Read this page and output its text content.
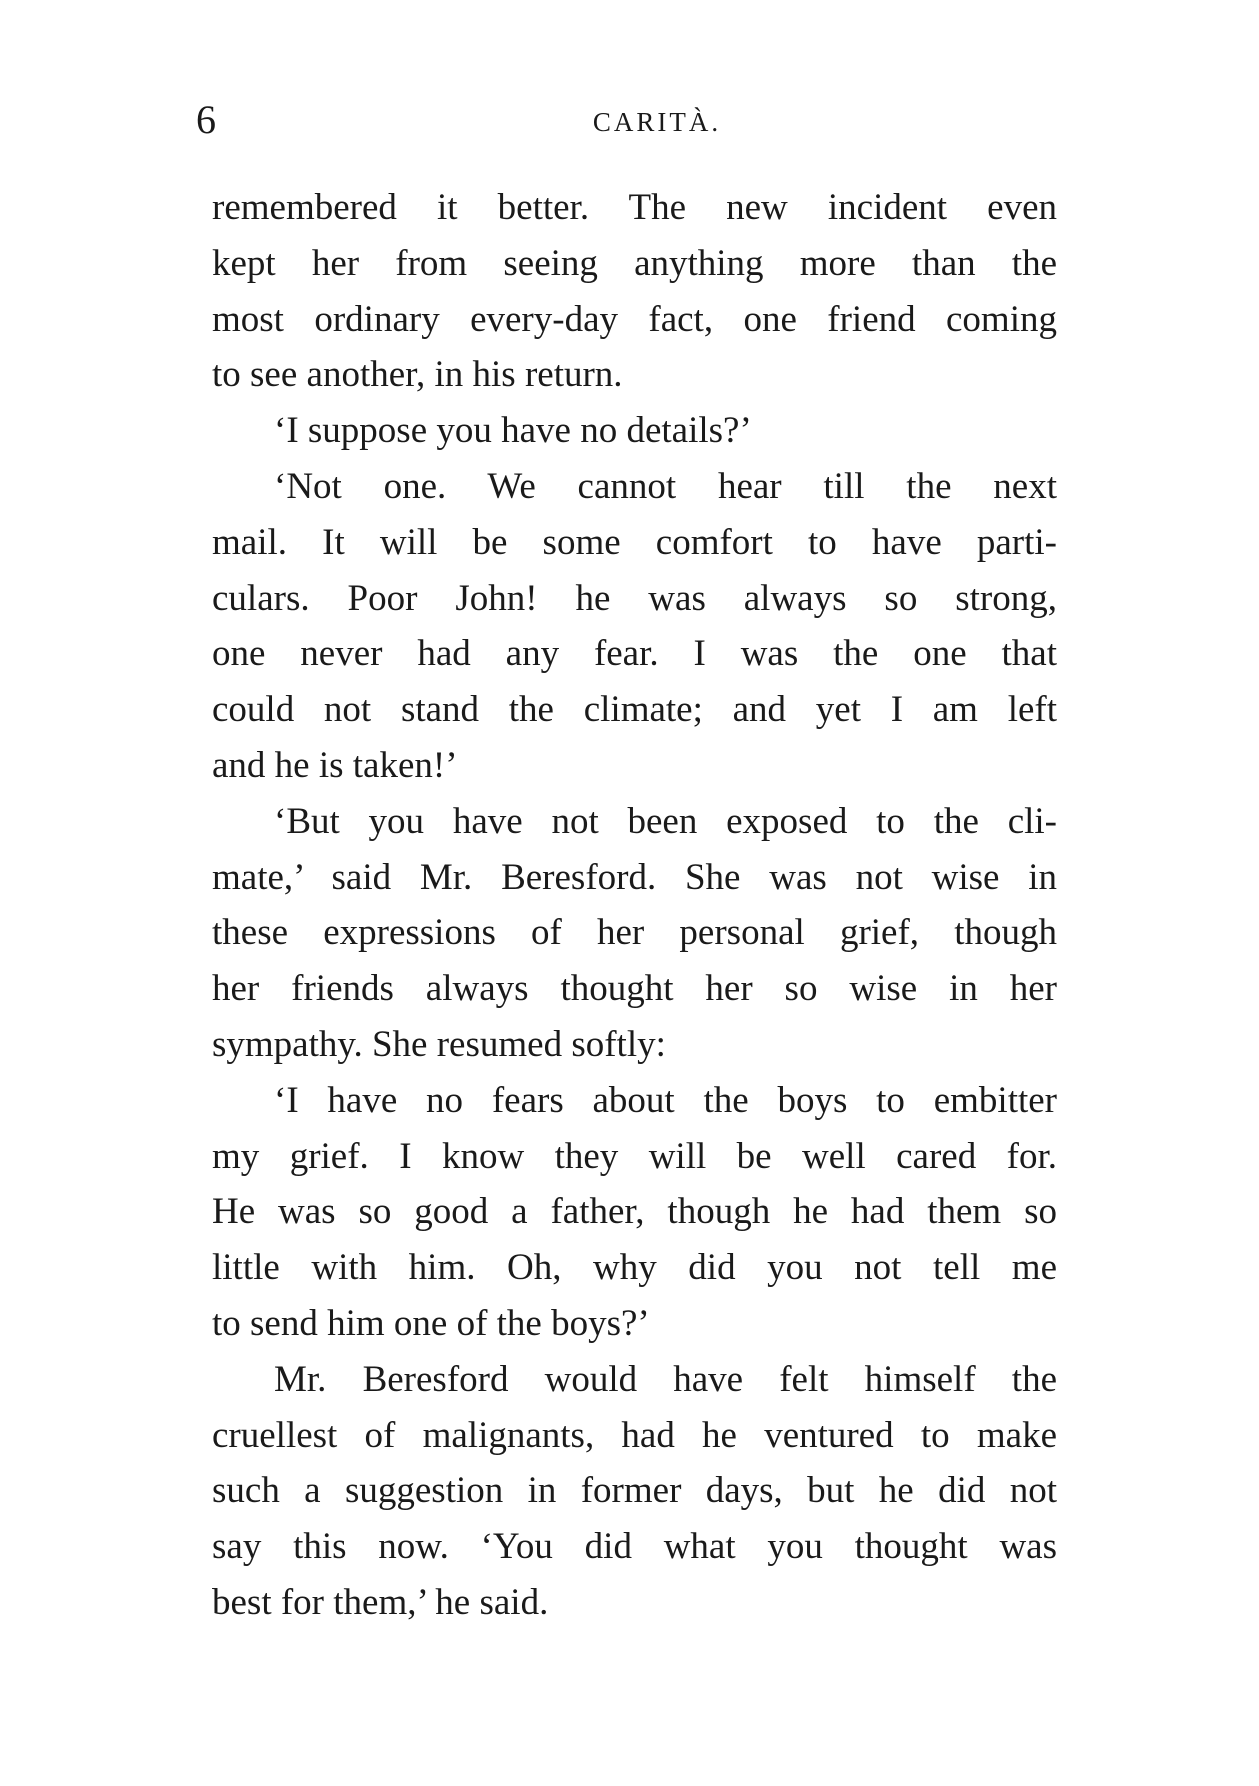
6	CARITÀ.
remembered it better. The new incident even
kept her from seeing anything more than the
most ordinary every-day fact, one friend coming
to see another, in his return.
‘I suppose you have no details?’
‘Not one. We cannot hear till the next
mail. It will be some comfort to have parti-
culars. Poor John! he was always so strong,
one never had any fear. I was the one that
could not stand the climate; and yet I am left
and he is taken!’
‘But you have not been exposed to the cli-
mate,’ said Mr. Beresford. She was not wise in
these expressions of her personal grief, though
her friends always thought her so wise in her
sympathy. She resumed softly:
‘I have no fears about the boys to embitter
my grief. I know they will be well cared for.
He was so good a father, though he had them so
little with him. Oh, why did you not tell me
to send him one of the boys?’
Mr. Beresford would have felt himself the
cruellest of malignants, had he ventured to make
such a suggestion in former days, but he did not
say this now. ‘You did what you thought was
best for them,’ he said.
